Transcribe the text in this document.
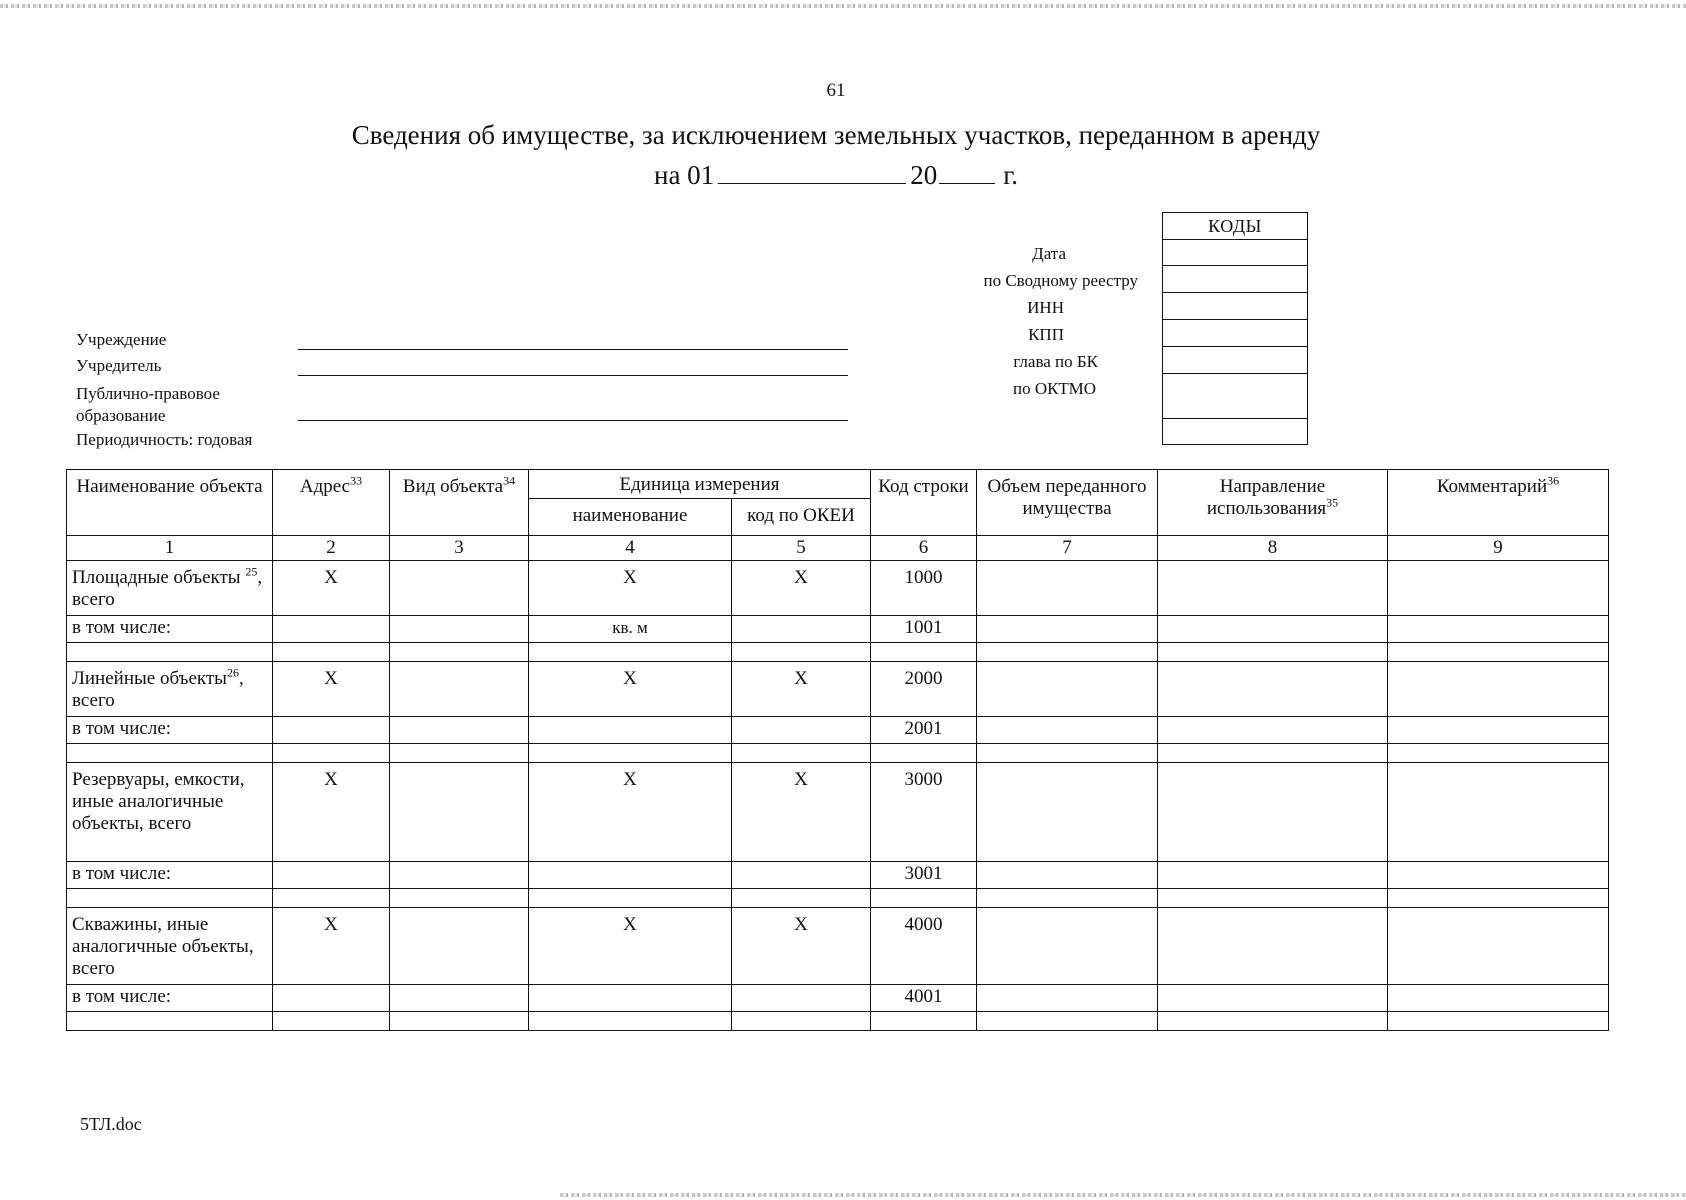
61
Сведения об имуществе, за исключением земельных участков, переданном в аренду
на 01	20 г.
Учреждение
Учредитель
Публично-правовое образование
Периодичность: годовая
Дата
по Сводному реестру
ИНН
КПП
глава по БК
по ОКТМО
КОДЫ
Наименование объекта	Адрес$^{33}$	Вид объекта$^{34}$	Единица измерения		Код строки	Объем переданного имущества	Направление использования$^{35}$	Комментарий$^{36}$
			наименование	код по ОКЕИ				
1	2	3	4	5	6	7	8	9
Площадные объекты $^{25}$, всего	X		X	X	1000			
в том числе:			кв. м		1001			

Линейные объекты$^{26}$, всего	X		X	X	2000			
в том числе:					2001			

Резервуары, емкости, иные аналогичные объекты, всего	X		X	X	3000			
в том числе:					3001			

Скважины, иные аналогичные объекты, всего	X		X	X	4000			
в том числе:					4001			

5ТЛ.doc
